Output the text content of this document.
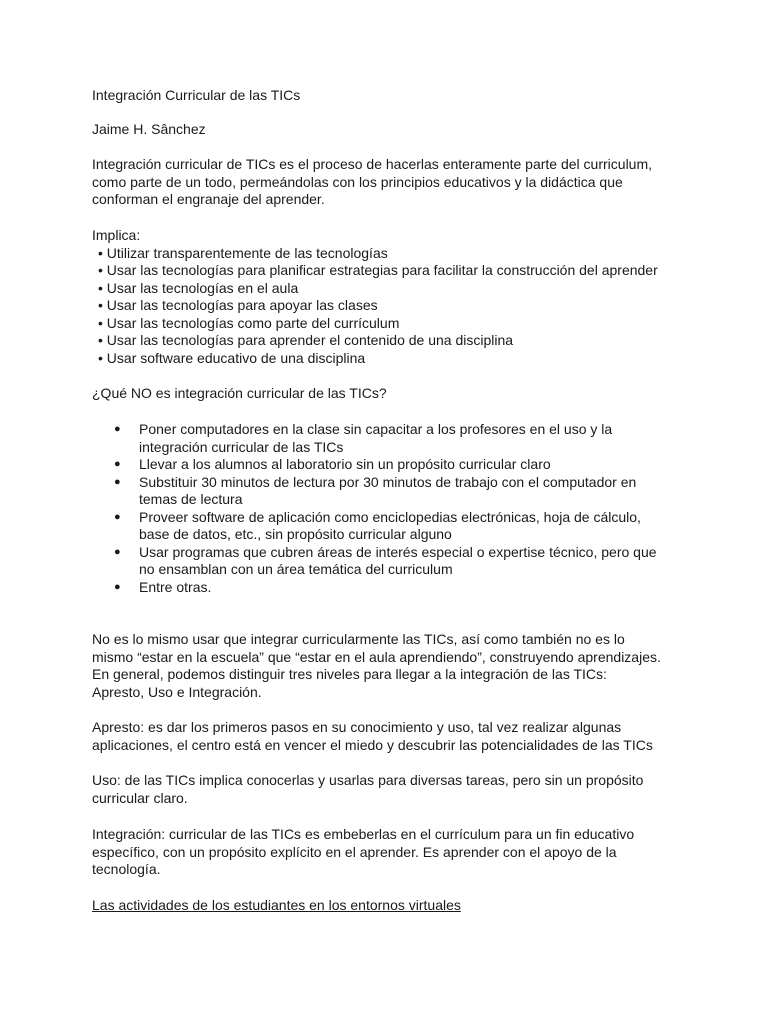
Integración Curricular de las TICs
Jaime H. Sânchez
Integración curricular de TICs es el proceso de hacerlas enteramente parte del curriculum,
como parte de un todo, permeándolas con los principios educativos y la didáctica que
conforman el engranaje del aprender.
Implica:
• Utilizar transparentemente de las tecnologías
• Usar las tecnologías para planificar estrategias para facilitar la construcción del aprender
• Usar las tecnologías en el aula
• Usar las tecnologías para apoyar las clases
• Usar las tecnologías como parte del currículum
• Usar las tecnologías para aprender el contenido de una disciplina
• Usar software educativo de una disciplina
¿Qué NO es integración curricular de las TICs?
● Poner computadores en la clase sin capacitar a los profesores en el uso y la
integración curricular de las TICs
● Llevar a los alumnos al laboratorio sin un propósito curricular claro
● Substituir 30 minutos de lectura por 30 minutos de trabajo con el computador en
temas de lectura
● Proveer software de aplicación como enciclopedias electrónicas, hoja de cálculo,
base de datos, etc., sin propósito curricular alguno
● Usar programas que cubren áreas de interés especial o expertise técnico, pero que
no ensamblan con un área temática del curriculum
● Entre otras.
No es lo mismo usar que integrar curricularmente las TICs, así como también no es lo
mismo “estar en la escuela” que “estar en el aula aprendiendo”, construyendo aprendizajes.
En general, podemos distinguir tres niveles para llegar a la integración de las TICs:
Apresto, Uso e Integración.
Apresto: es dar los primeros pasos en su conocimiento y uso, tal vez realizar algunas
aplicaciones, el centro está en vencer el miedo y descubrir las potencialidades de las TICs
Uso: de las TICs implica conocerlas y usarlas para diversas tareas, pero sin un propósito
curricular claro.
Integración: curricular de las TICs es embeberlas en el currículum para un fin educativo
específico, con un propósito explícito en el aprender. Es aprender con el apoyo de la
tecnología.
Las actividades de los estudiantes en los entornos virtuales
